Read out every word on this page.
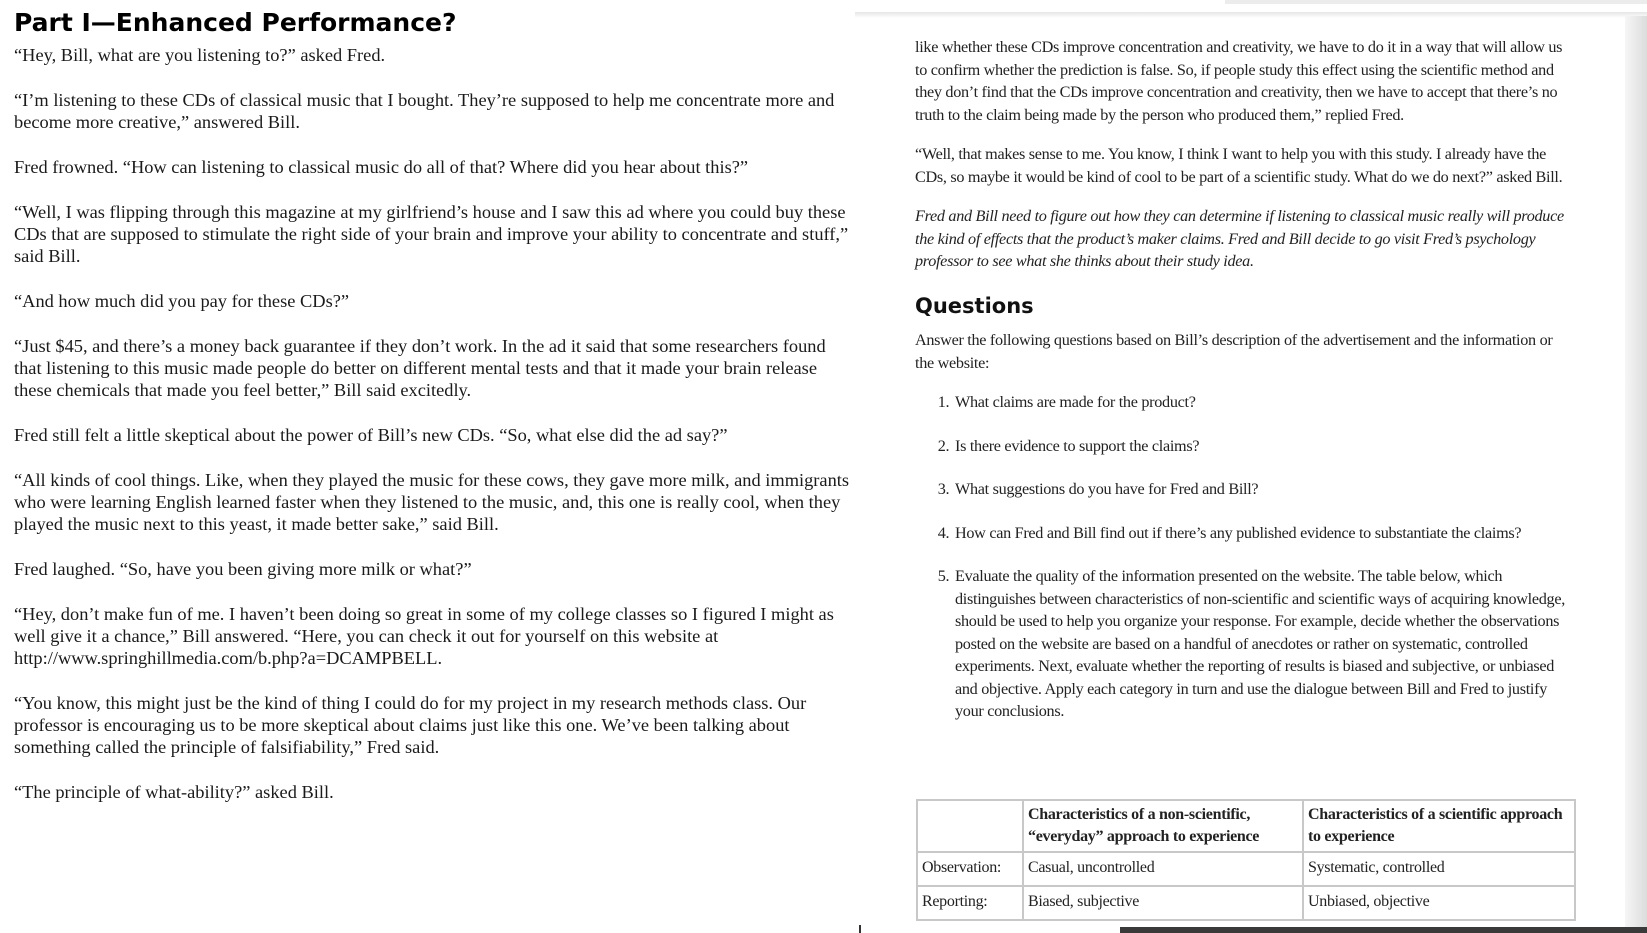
Part I—Enhanced Performance?

“Hey, Bill, what are you listening to?” asked Fred.

“I’m listening to these CDs of classical music that I bought. They’re supposed to help me concentrate more and become more creative,” answered Bill.

Fred frowned. “How can listening to classical music do all of that? Where did you hear about this?”

“Well, I was flipping through this magazine at my girlfriend’s house and I saw this ad where you could buy these CDs that are supposed to stimulate the right side of your brain and improve your ability to concentrate and stuff,” said Bill.

“And how much did you pay for these CDs?”

“Just $45, and there’s a money back guarantee if they don’t work. In the ad it said that some researchers found that listening to this music made people do better on different mental tests and that it made your brain release these chemicals that made you feel better,” Bill said excitedly.

Fred still felt a little skeptical about the power of Bill’s new CDs. “So, what else did the ad say?”

“All kinds of cool things. Like, when they played the music for these cows, they gave more milk, and immigrants who were learning English learned faster when they listened to the music, and, this one is really cool, when they played the music next to this yeast, it made better sake,” said Bill.

Fred laughed. “So, have you been giving more milk or what?”

“Hey, don’t make fun of me. I haven’t been doing so great in some of my college classes so I figured I might as well give it a chance,” Bill answered. “Here, you can check it out for yourself on this website at http://www.springhillmedia.com/b.php?a=DCAMPBELL.

“You know, this might just be the kind of thing I could do for my project in my research methods class. Our professor is encouraging us to be more skeptical about claims just like this one. We’ve been talking about something called the principle of falsifiability,” Fred said.

“The principle of what-ability?” asked Bill.

like whether these CDs improve concentration and creativity, we have to do it in a way that will allow us to confirm whether the prediction is false. So, if people study this effect using the scientific method and they don’t find that the CDs improve concentration and creativity, then we have to accept that there’s no truth to the claim being made by the person who produced them,” replied Fred.

“Well, that makes sense to me. You know, I think I want to help you with this study. I already have the CDs, so maybe it would be kind of cool to be part of a scientific study. What do we do next?” asked Bill.

Fred and Bill need to figure out how they can determine if listening to classical music really will produce the kind of effects that the product’s maker claims. Fred and Bill decide to go visit Fred’s psychology professor to see what she thinks about their study idea.

Questions

Answer the following questions based on Bill’s description of the advertisement and the information or the website:

1. What claims are made for the product?
2. Is there evidence to support the claims?
3. What suggestions do you have for Fred and Bill?
4. How can Fred and Bill find out if there’s any published evidence to substantiate the claims?
5. Evaluate the quality of the information presented on the website. The table below, which distinguishes between characteristics of non-scientific and scientific ways of acquiring knowledge, should be used to help you organize your response. For example, decide whether the observations posted on the website are based on a handful of anecdotes or rather on systematic, controlled experiments. Next, evaluate whether the reporting of results is biased and subjective, or unbiased and objective. Apply each category in turn and use the dialogue between Bill and Fred to justify your conclusions.
	Characteristics of a non-scientific, “everyday” approach to experience	Characteristics of a scientific approach to experience
Observation:	Casual, uncontrolled	Systematic, controlled
Reporting:	Biased, subjective	Unbiased, objective
